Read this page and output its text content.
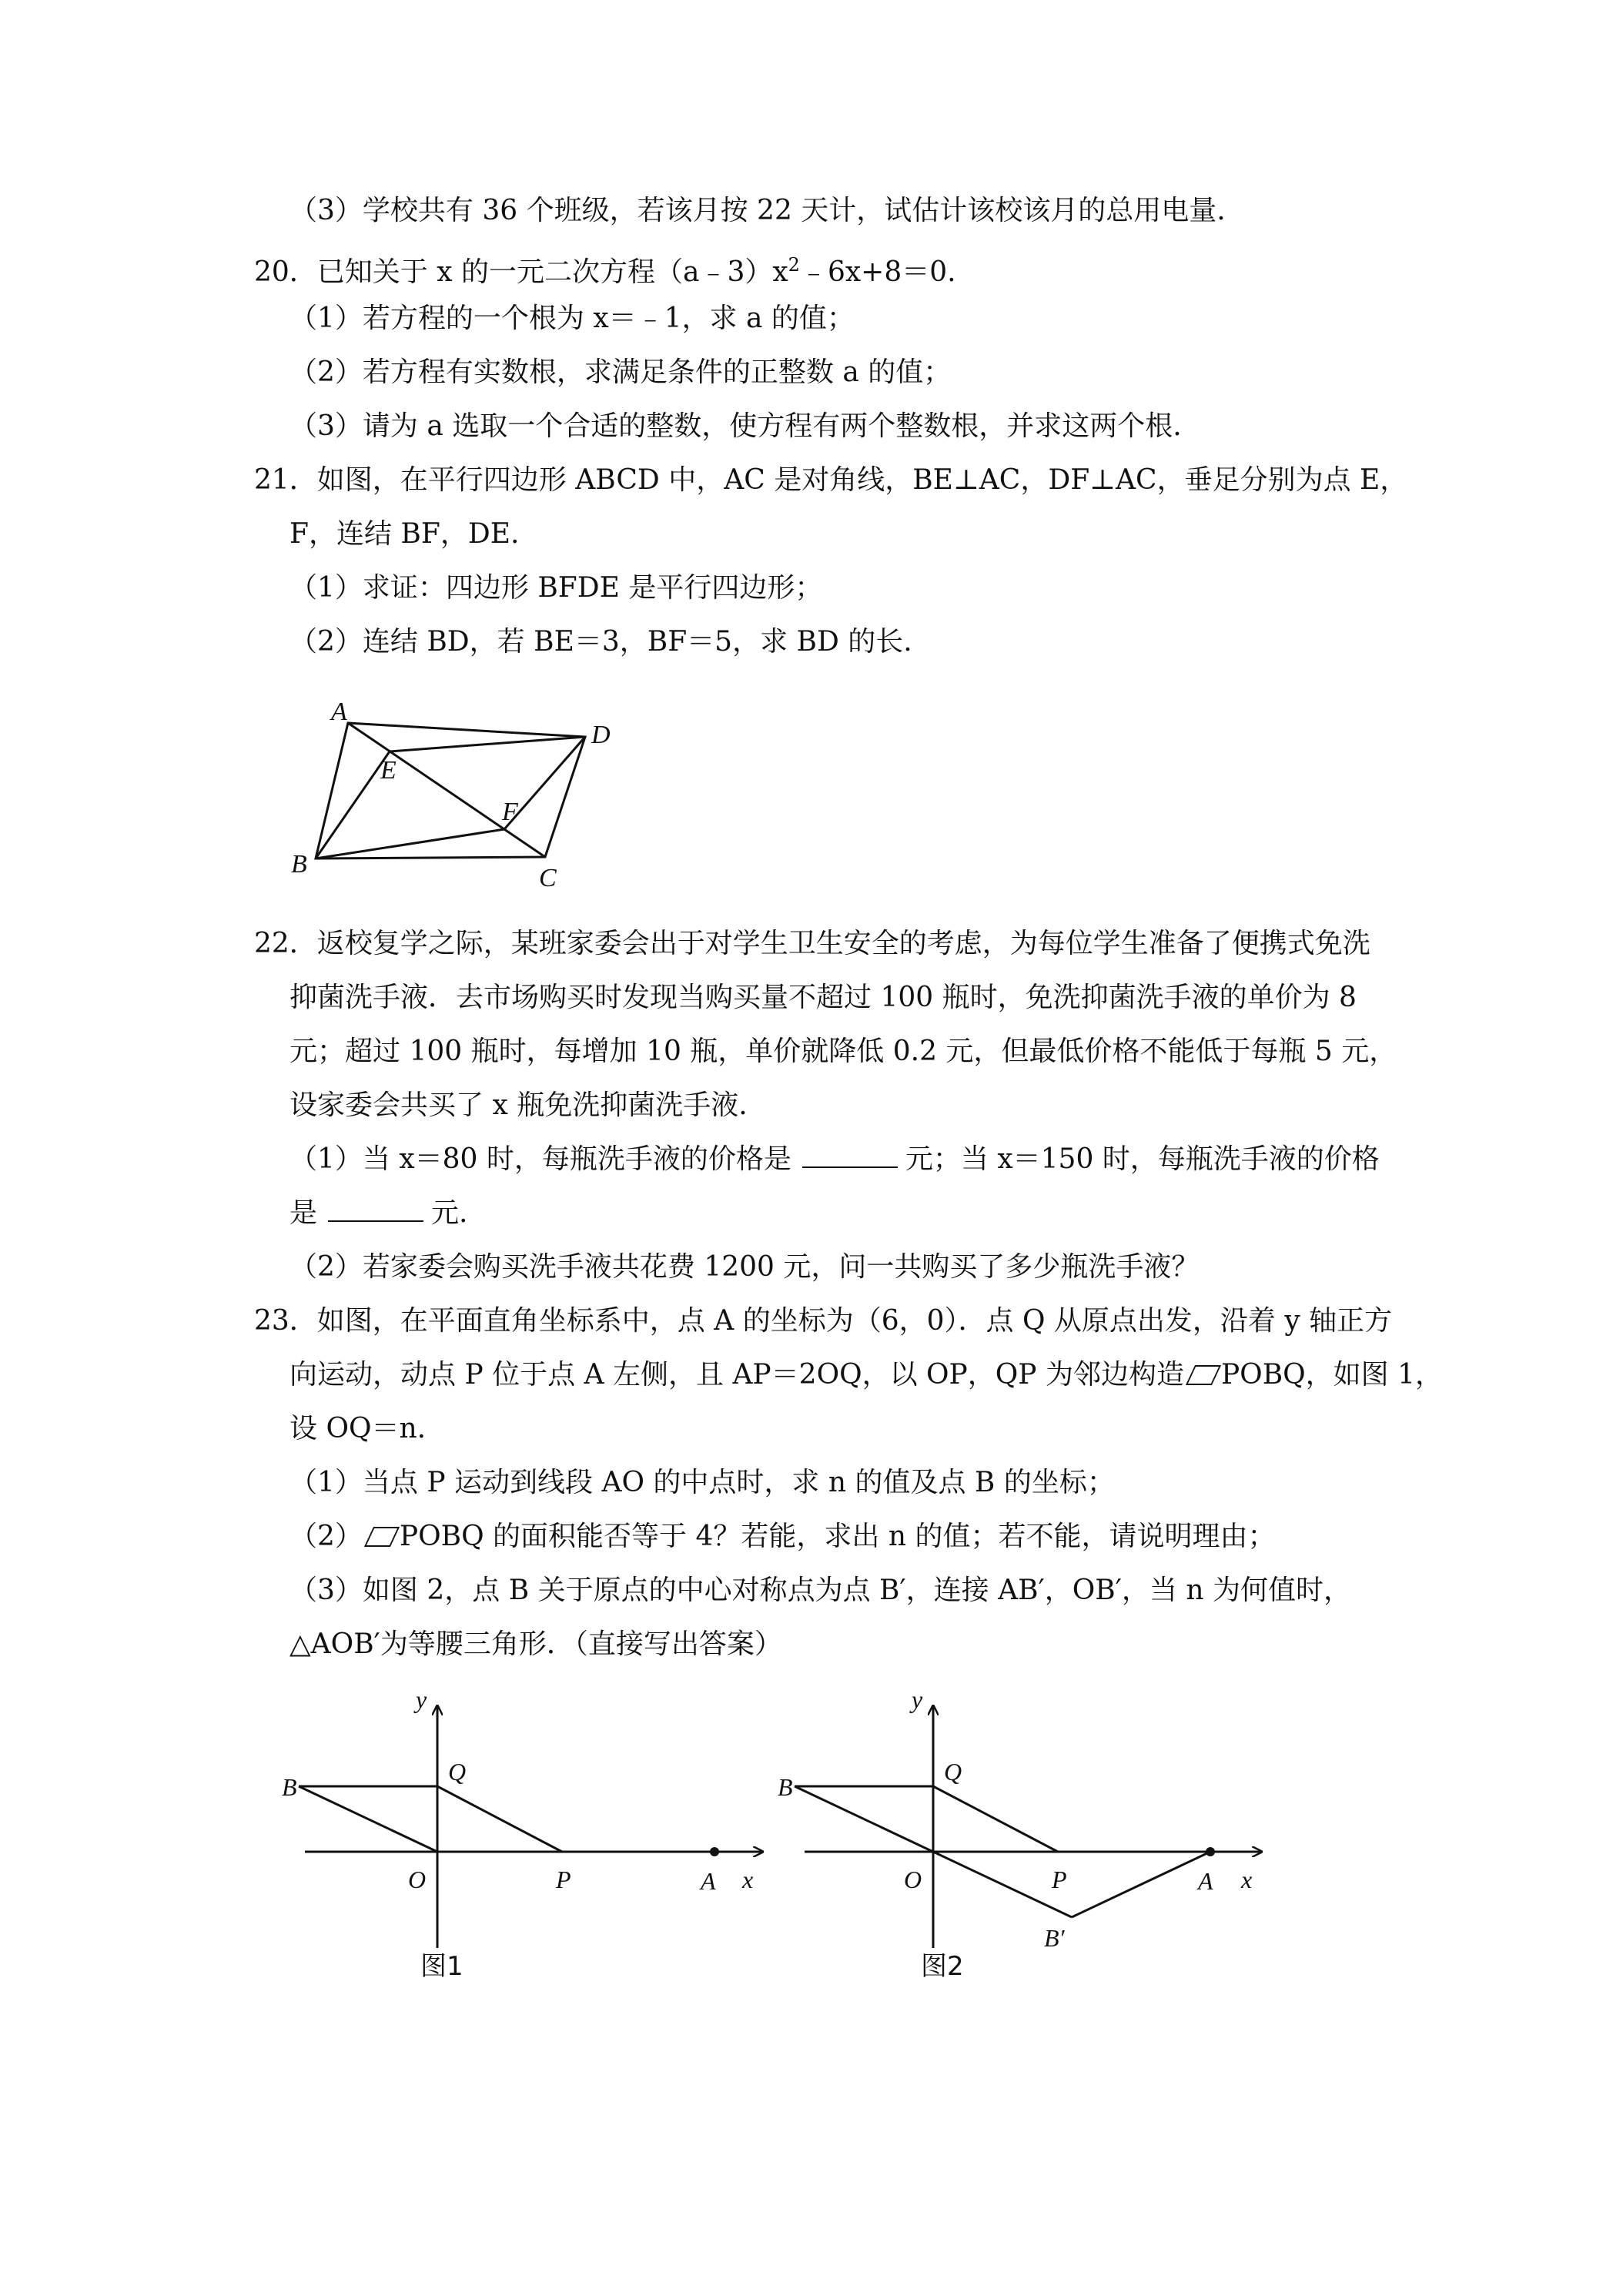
（3）学校共有 36 个班级，若该月按 22 天计，试估计该校该月的总用电量.
20．已知关于 x 的一元二次方程$(a﹣3)x^2﹣6x+8=0$.
（1）若方程的一个根为 x＝﹣1，求 a 的值；
（2）若方程有实数根，求满足条件的正整数 a 的值；
（3）请为 a 选取一个合适的整数，使方程有两个整数根，并求这两个根.
21．如图，在平行四边形 ABCD 中，AC 是对角线，BE⊥AC，DF⊥AC，垂足分别为点 E，
F，连结 BF，DE.
（1）求证：四边形 BFDE 是平行四边形；
（2）连结 BD，若 BE＝3，BF＝5，求 BD 的长.
A
D
E
F
B	C
22．返校复学之际，某班家委会出于对学生卫生安全的考虑，为每位学生准备了便携式免洗
抑菌洗手液．去市场购买时发现当购买量不超过 100 瓶时，免洗抑菌洗手液的单价为 8
元；超过 100 瓶时，每增加 10 瓶，单价就降低 0.2 元，但最低价格不能低于每瓶 5 元，
设家委会共买了 x 瓶免洗抑菌洗手液.
（1）当 x＝80 时，每瓶洗手液的价格是	元；当 x＝150 时，每瓶洗手液的价格
是	元.
（2）若家委会购买洗手液共花费 1200 元，问一共购买了多少瓶洗手液？
23．如图，在平面直角坐标系中，点 A 的坐标为（6，0）．点 Q 从原点出发，沿着 y 轴正方
向运动，动点 P 位于点 A 左侧，且 AP＝2OQ，以 OP，QP 为邻边构造 POBQ，如图 1，
设 OQ＝n.
（1）当点 P 运动到线段 AO 的中点时，求 n 的值及点 B 的坐标；
（2） POBQ 的面积能否等于 4？若能，求出 n 的值；若不能，请说明理由；
（3）如图 2，点 B 关于原点的中心对称点为点 B′，连接 AB′，OB′，当 n 为何值时，
△AOB′为等腰三角形．（直接写出答案）
y
B
Q
O	P	A x
图1
y
B
Q
O	P	A x
B′
图2
